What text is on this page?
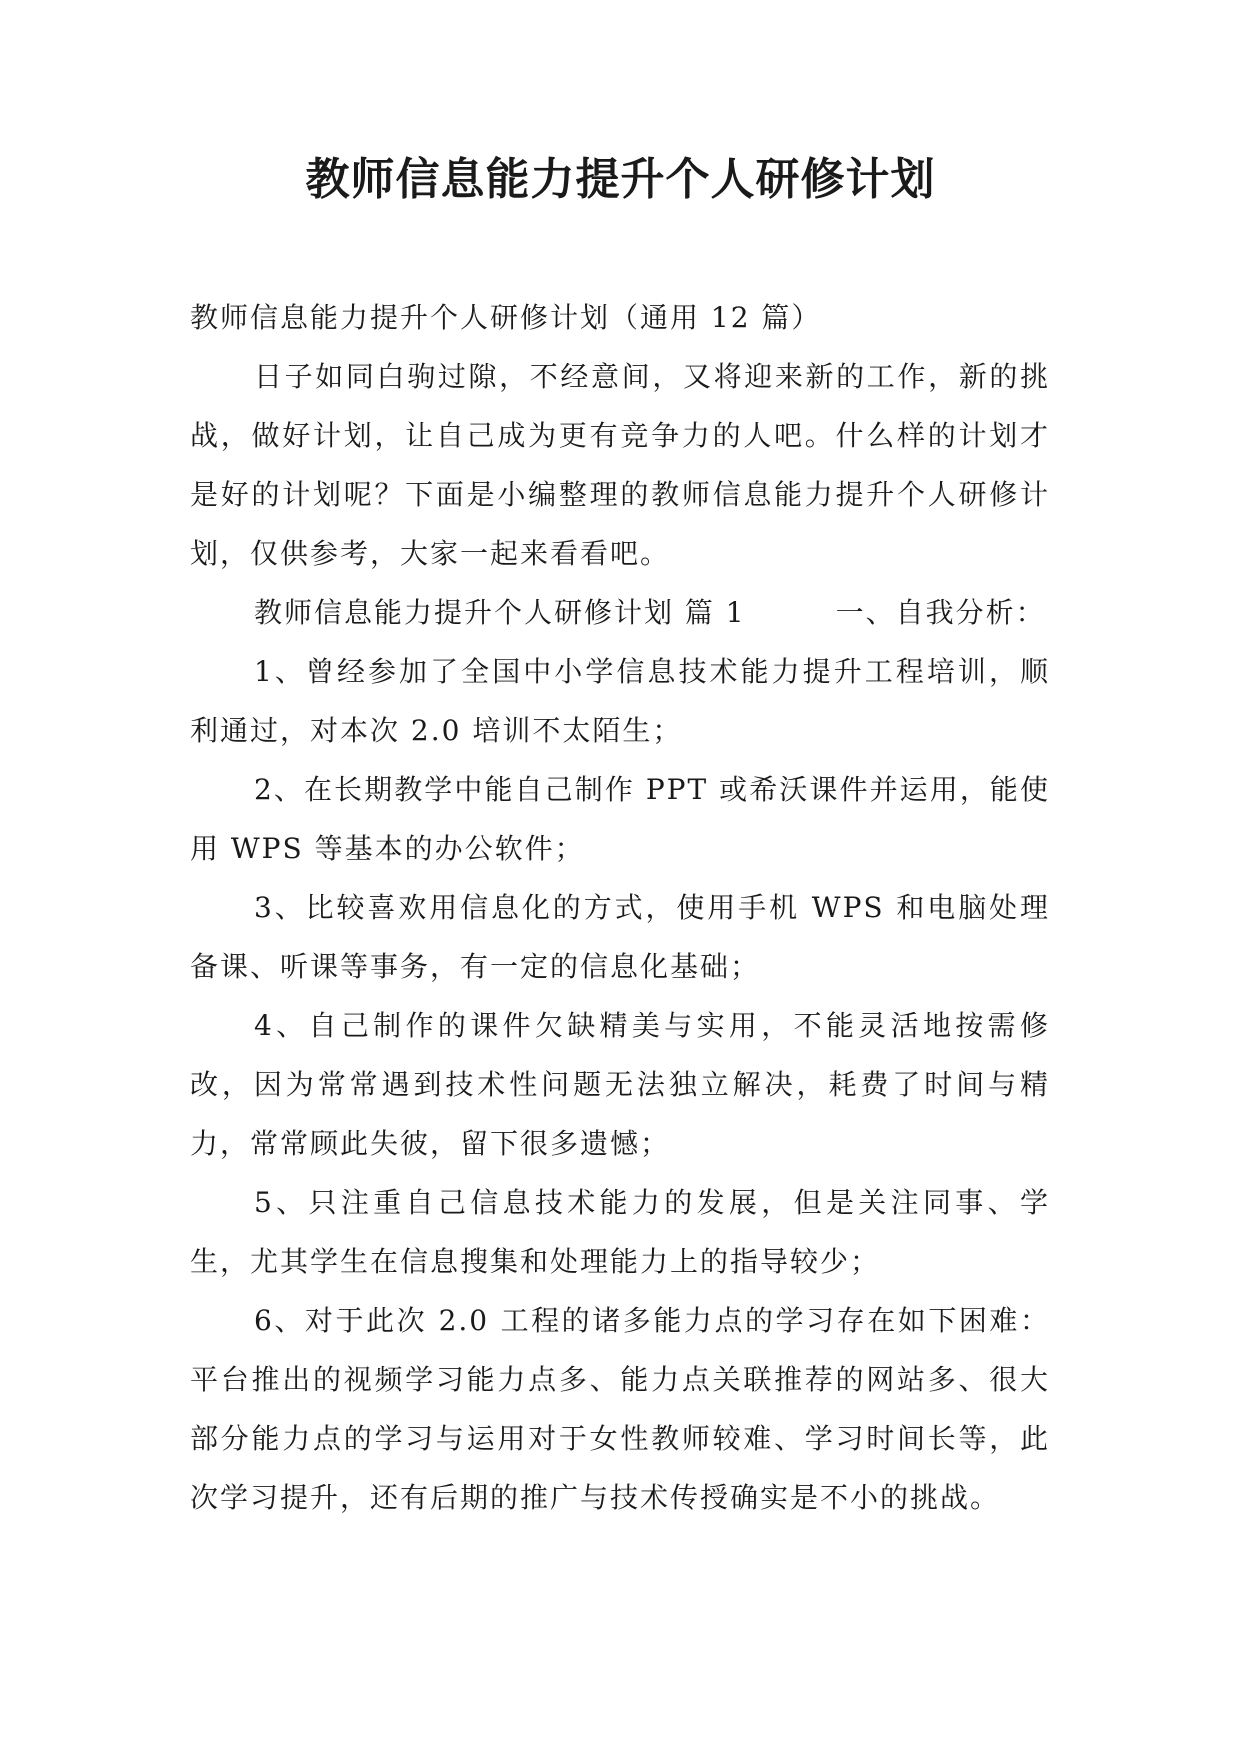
教师信息能力提升个人研修计划

教师信息能力提升个人研修计划（通用 12 篇）

日子如同白驹过隙，不经意间，又将迎来新的工作，新的挑战，做好计划，让自己成为更有竞争力的人吧。什么样的计划才是好的计划呢？下面是小编整理的教师信息能力提升个人研修计划，仅供参考，大家一起来看看吧。

教师信息能力提升个人研修计划 篇 1　　　一、自我分析：

1、曾经参加了全国中小学信息技术能力提升工程培训，顺利通过，对本次 2.0 培训不太陌生；

2、在长期教学中能自己制作 PPT 或希沃课件并运用，能使用 WPS 等基本的办公软件；

3、比较喜欢用信息化的方式，使用手机 WPS 和电脑处理备课、听课等事务，有一定的信息化基础；

4、自己制作的课件欠缺精美与实用，不能灵活地按需修改，因为常常遇到技术性问题无法独立解决，耗费了时间与精力，常常顾此失彼，留下很多遗憾；

5、只注重自己信息技术能力的发展，但是关注同事、学生，尤其学生在信息搜集和处理能力上的指导较少；

6、对于此次 2.0 工程的诸多能力点的学习存在如下困难：平台推出的视频学习能力点多、能力点关联推荐的网站多、很大部分能力点的学习与运用对于女性教师较难、学习时间长等，此次学习提升，还有后期的推广与技术传授确实是不小的挑战。
